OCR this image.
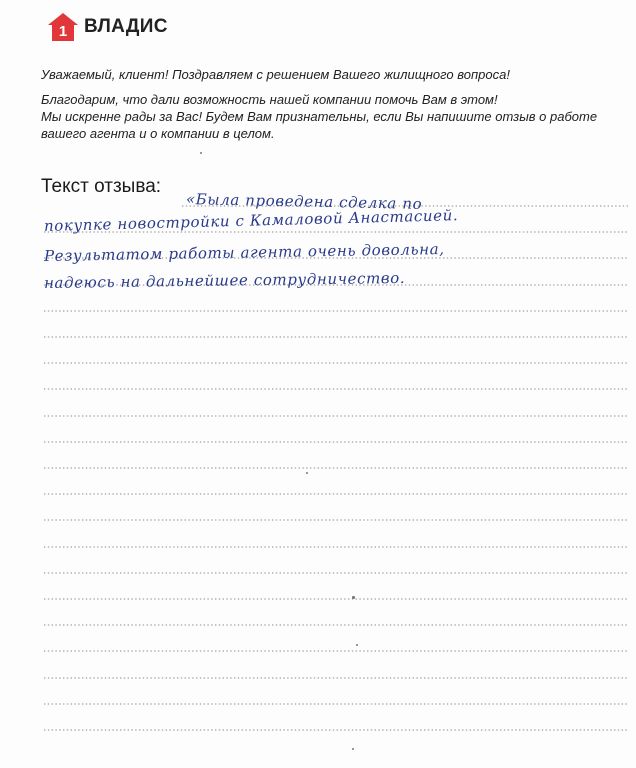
1 ВЛАДИС
Уважаемый, клиент! Поздравляем с решением Вашего жилищного вопроса!
Благодарим, что дали возможность нашей компании помочь Вам в этом!
Мы искренне рады за Вас! Будем Вам признательны, если Вы напишите отзыв о работе
вашего агента и о компании в целом.
Текст отзыва:
«Была проведена сделка по
покупке новостройки с Камаловой Анастасией.
Результатом работы агента очень довольна,
надеюсь на дальнейшее сотрудничество.
